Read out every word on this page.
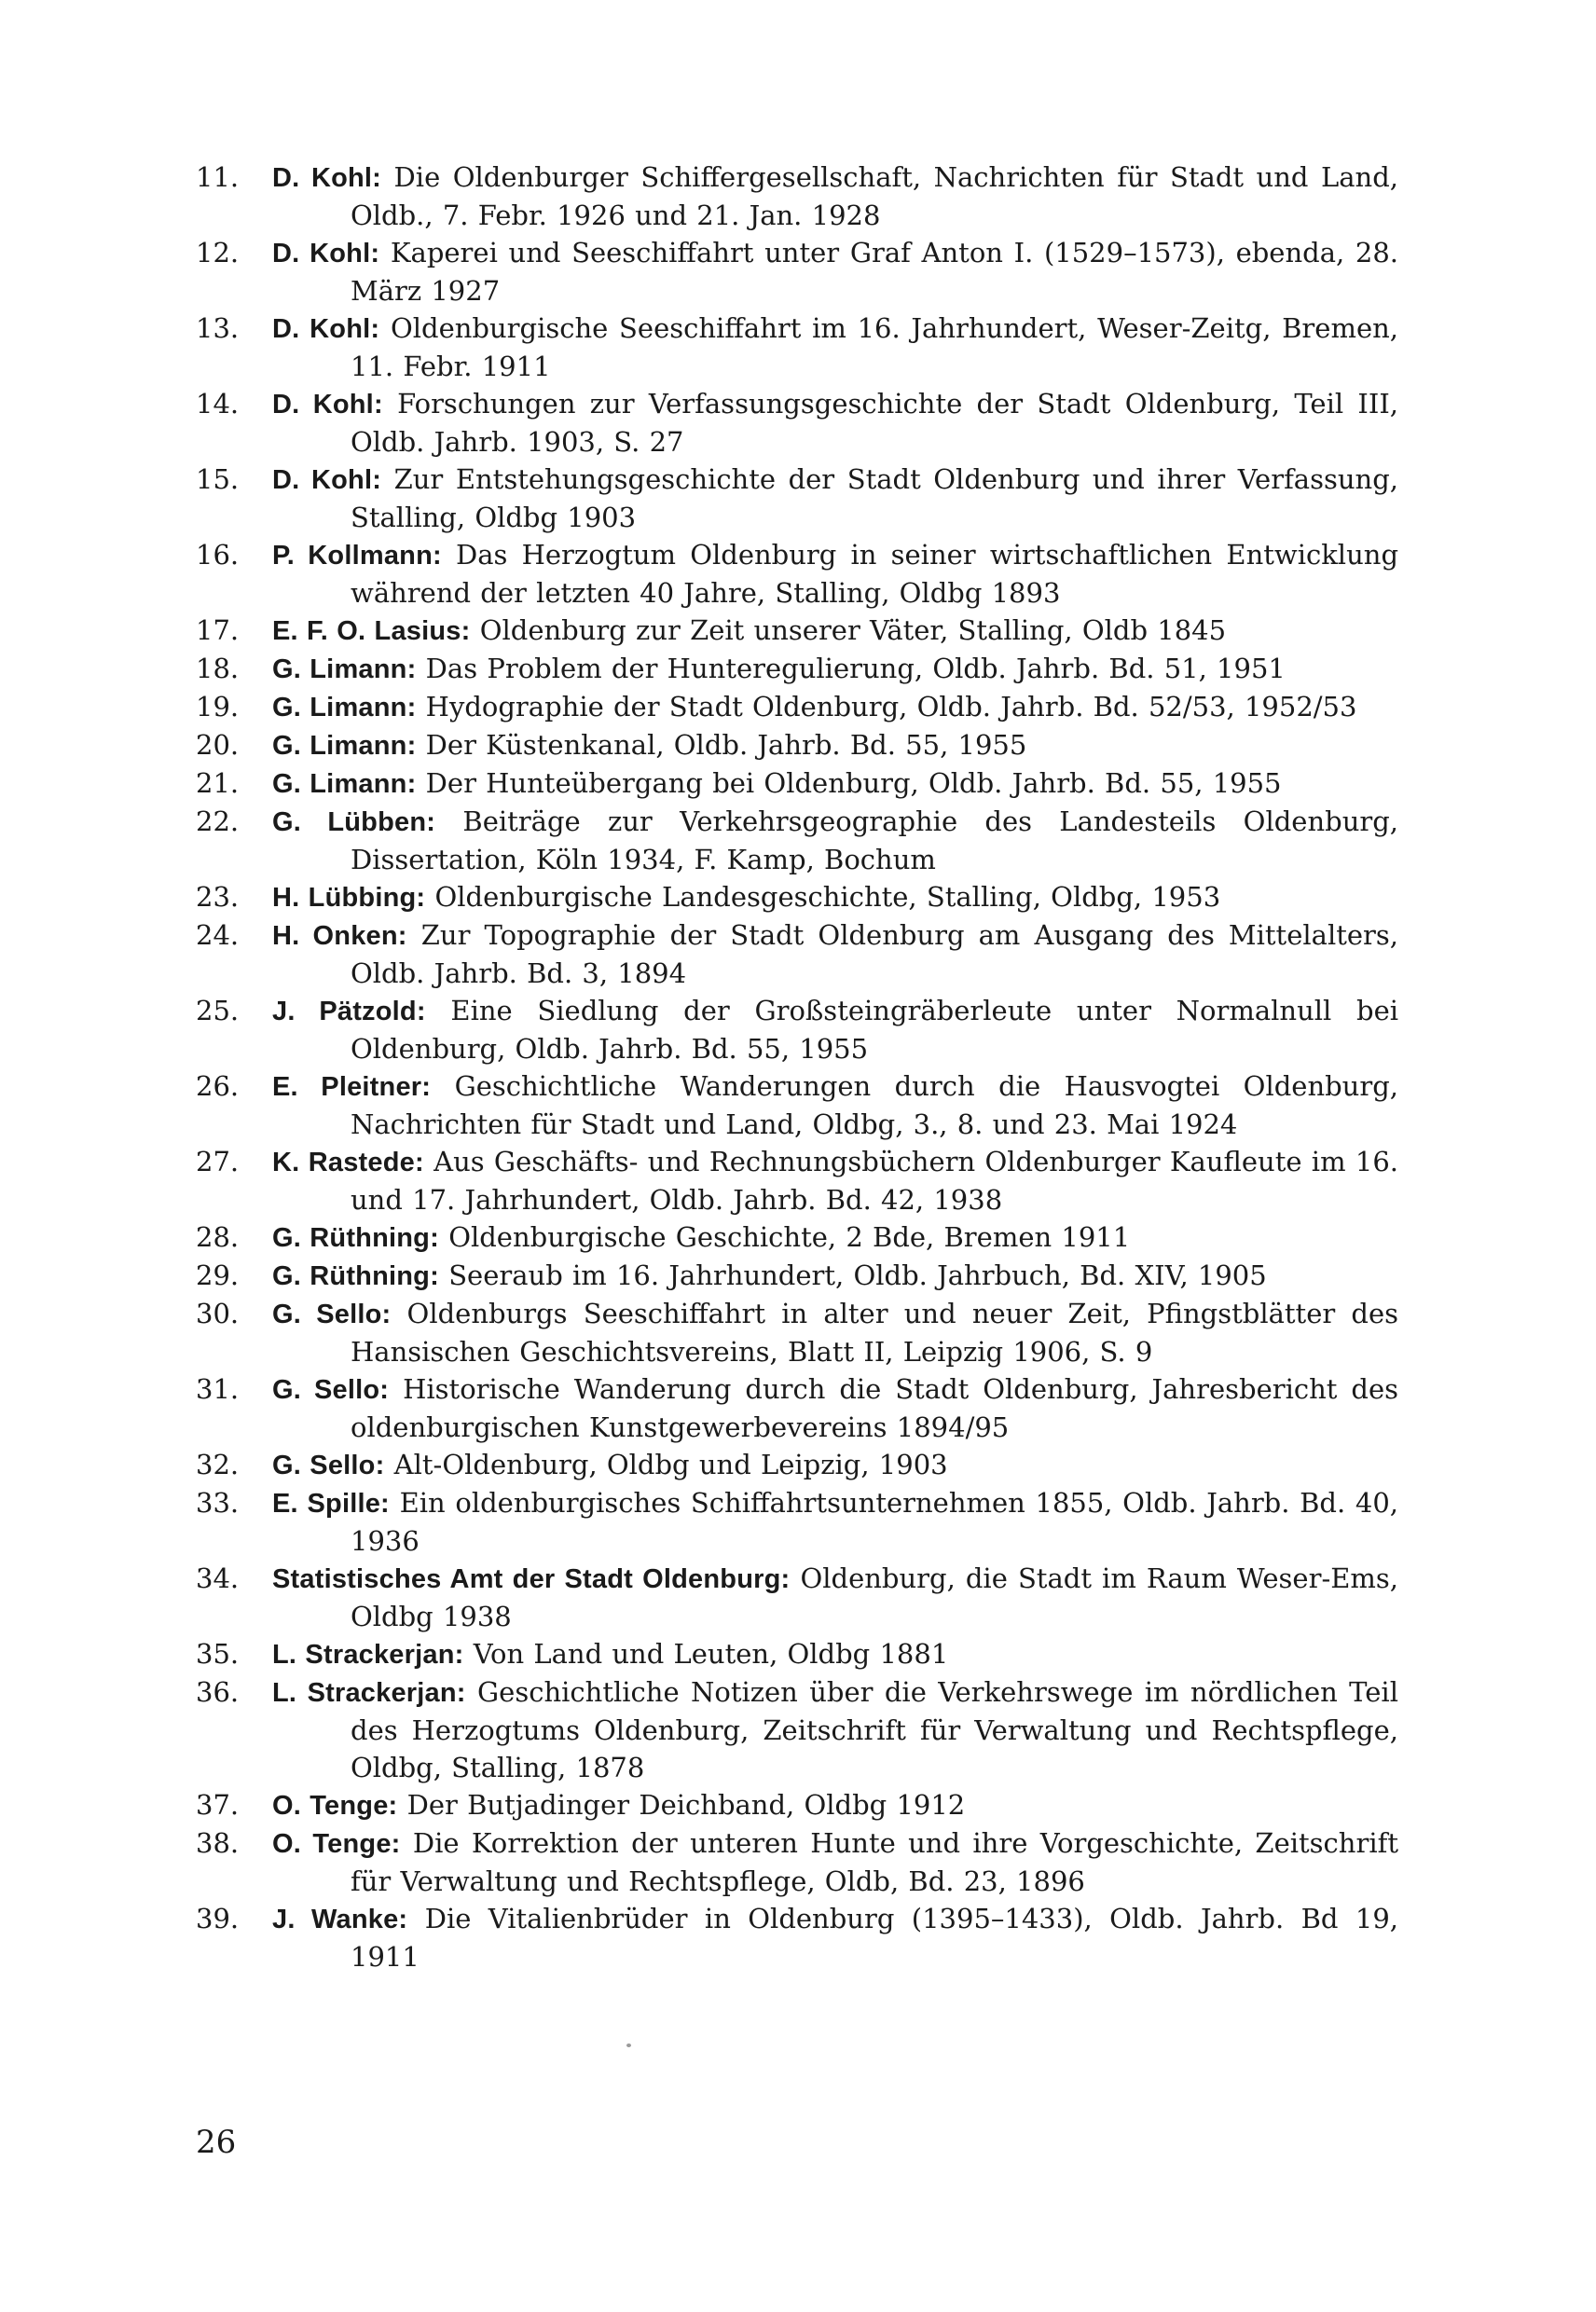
11.	D. Kohl: Die Oldenburger Schiffergesellschaft, Nachrichten für Stadt und Land, Oldb., 7. Febr. 1926 und 21. Jan. 1928
12.	D. Kohl: Kaperei und Seeschiffahrt unter Graf Anton I. (1529–1573), ebenda, 28. März 1927
13.	D. Kohl: Oldenburgische Seeschiffahrt im 16. Jahrhundert, Weser-Zeitg, Bremen, 11. Febr. 1911
14.	D. Kohl: Forschungen zur Verfassungsgeschichte der Stadt Oldenburg, Teil III, Oldb. Jahrb. 1903, S. 27
15.	D. Kohl: Zur Entstehungsgeschichte der Stadt Oldenburg und ihrer Verfassung, Stalling, Oldbg 1903
16.	P. Kollmann: Das Herzogtum Oldenburg in seiner wirtschaftlichen Entwicklung während der letzten 40 Jahre, Stalling, Oldbg 1893
17.	E. F. O. Lasius: Oldenburg zur Zeit unserer Väter, Stalling, Oldb 1845
18.	G. Limann: Das Problem der Hunteregulierung, Oldb. Jahrb. Bd. 51, 1951
19.	G. Limann: Hydographie der Stadt Oldenburg, Oldb. Jahrb. Bd. 52/53, 1952/53
20.	G. Limann: Der Küstenkanal, Oldb. Jahrb. Bd. 55, 1955
21.	G. Limann: Der Hunteübergang bei Oldenburg, Oldb. Jahrb. Bd. 55, 1955
22.	G. Lübben: Beiträge zur Verkehrsgeographie des Landesteils Oldenburg, Dissertation, Köln 1934, F. Kamp, Bochum
23.	H. Lübbing: Oldenburgische Landesgeschichte, Stalling, Oldbg, 1953
24.	H. Onken: Zur Topographie der Stadt Oldenburg am Ausgang des Mittelalters, Oldb. Jahrb. Bd. 3, 1894
25.	J. Pätzold: Eine Siedlung der Großsteingräberleute unter Normalnull bei Oldenburg, Oldb. Jahrb. Bd. 55, 1955
26.	E. Pleitner: Geschichtliche Wanderungen durch die Hausvogtei Oldenburg, Nachrichten für Stadt und Land, Oldbg, 3., 8. und 23. Mai 1924
27.	K. Rastede: Aus Geschäfts- und Rechnungsbüchern Oldenburger Kaufleute im 16. und 17. Jahrhundert, Oldb. Jahrb. Bd. 42, 1938
28.	G. Rüthning: Oldenburgische Geschichte, 2 Bde, Bremen 1911
29.	G. Rüthning: Seeraub im 16. Jahrhundert, Oldb. Jahrbuch, Bd. XIV, 1905
30.	G. Sello: Oldenburgs Seeschiffahrt in alter und neuer Zeit, Pfingstblätter des Hansischen Geschichtsvereins, Blatt II, Leipzig 1906, S. 9
31.	G. Sello: Historische Wanderung durch die Stadt Oldenburg, Jahresbericht des oldenburgischen Kunstgewerbevereins 1894/95
32.	G. Sello: Alt-Oldenburg, Oldbg und Leipzig, 1903
33.	E. Spille: Ein oldenburgisches Schiffahrtsunternehmen 1855, Oldb. Jahrb. Bd. 40, 1936
34.	Statistisches Amt der Stadt Oldenburg: Oldenburg, die Stadt im Raum Weser-Ems, Oldbg 1938
35.	L. Strackerjan: Von Land und Leuten, Oldbg 1881
36.	L. Strackerjan: Geschichtliche Notizen über die Verkehrswege im nördlichen Teil des Herzogtums Oldenburg, Zeitschrift für Verwaltung und Rechtspflege, Oldbg, Stalling, 1878
37.	O. Tenge: Der Butjadinger Deichband, Oldbg 1912
38.	O. Tenge: Die Korrektion der unteren Hunte und ihre Vorgeschichte, Zeitschrift für Verwaltung und Rechtspflege, Oldb, Bd. 23, 1896
39.	J. Wanke: Die Vitalienbrüder in Oldenburg (1395–1433), Oldb. Jahrb. Bd 19, 1911
26
